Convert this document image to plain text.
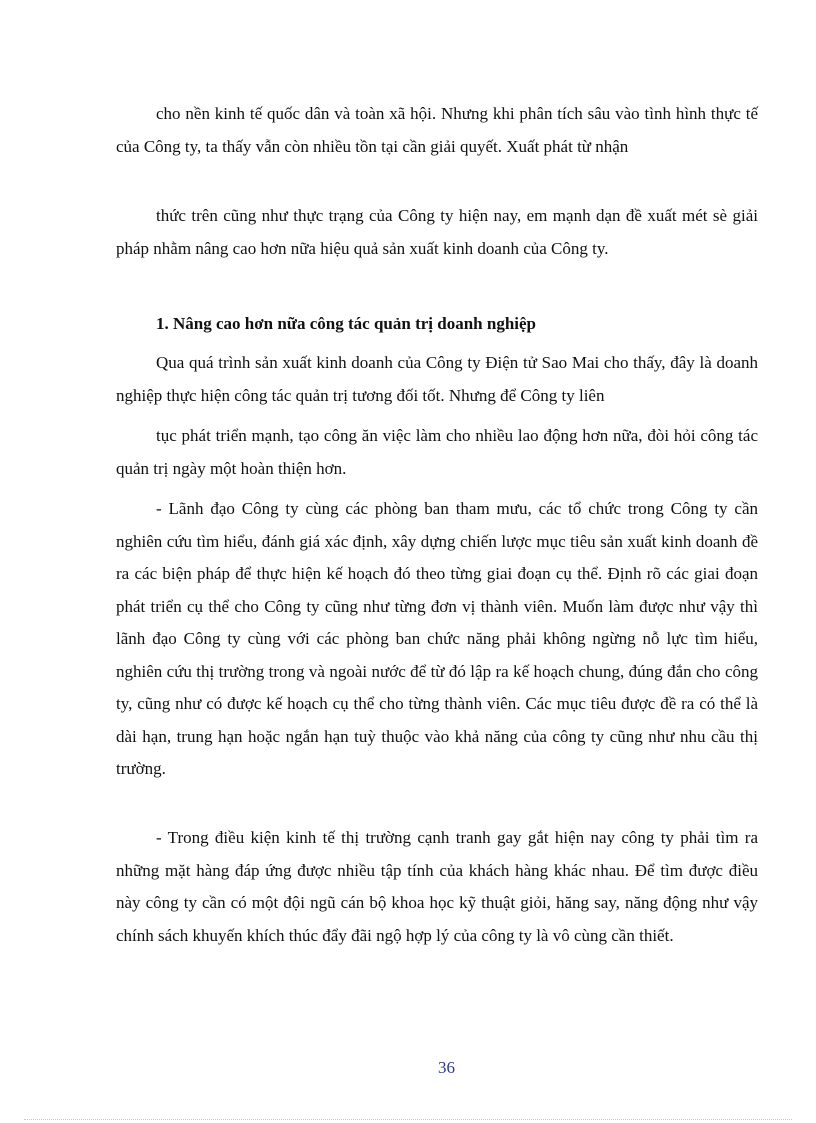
cho nền kinh tế quốc dân và toàn xã hội. Nhưng khi phân tích sâu vào tình hình thực tế của Công ty, ta thấy vẫn còn nhiều tồn tại cần giải quyết. Xuất phát từ nhận

thức trên cũng như thực trạng của Công ty hiện nay, em mạnh dạn đề xuất mét sè giải pháp nhằm nâng cao hơn nữa hiệu quả sản xuất kinh doanh của Công ty.

1. Nâng cao hơn nữa công tác quản trị doanh nghiệp

Qua quá trình sản xuất kinh doanh của Công ty Điện tử Sao Mai cho thấy, đây là doanh nghiệp thực hiện công tác quản trị tương đối tốt. Nhưng để Công ty liên

tục phát triển mạnh, tạo công ăn việc làm cho nhiều lao động hơn nữa, đòi hỏi công tác quản trị ngày một hoàn thiện hơn.

- Lãnh đạo Công ty cùng các phòng ban tham mưu, các tổ chức trong Công ty cần nghiên cứu tìm hiểu, đánh giá xác định, xây dựng chiến lược mục tiêu sản xuất kinh doanh đề ra các biện pháp để thực hiện kế hoạch đó theo từng giai đoạn cụ thể. Định rõ các giai đoạn phát triển cụ thể cho Công ty cũng như từng đơn vị thành viên. Muốn làm được như vậy thì lãnh đạo Công ty cùng với các phòng ban chức năng phải không ngừng nỗ lực tìm hiểu, nghiên cứu thị trường trong và ngoài nước để từ đó lập ra kế hoạch chung, đúng đắn cho công ty, cũng như có được kế hoạch cụ thể cho từng thành viên. Các mục tiêu được đề ra có thể là dài hạn, trung hạn hoặc ngắn hạn tuỳ thuộc vào khả năng của công ty cũng như nhu cầu thị trường.

- Trong điều kiện kinh tế thị trường cạnh tranh gay gắt hiện nay công ty phải tìm ra những mặt hàng đáp ứng được nhiều tập tính của khách hàng khác nhau. Để tìm được điều này công ty cần có một đội ngũ cán bộ khoa học kỹ thuật giỏi, hăng say, năng động như vậy chính sách khuyến khích thúc đẩy đãi ngộ hợp lý của công ty là vô cùng cần thiết.

36
